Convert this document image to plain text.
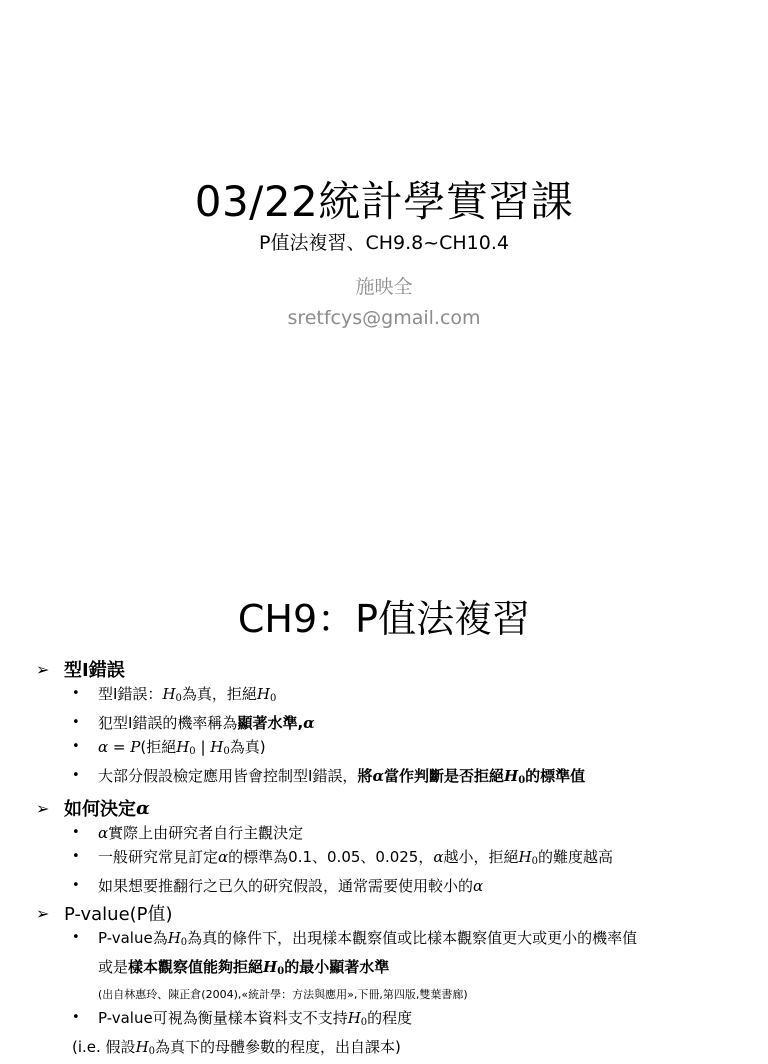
03/22統計學實習課
P值法複習、CH9.8~CH10.4
施映全
sretfcys@gmail.com
CH9：P值法複習
➢ 型I錯誤
• 型I錯誤：$H_0$為真，拒絕$H_0$
• 犯型I錯誤的機率稱為顯著水準,α
• α = P(拒絕$H_0$ | $H_0$為真)
• 大部分假設檢定應用皆會控制型I錯誤，將α當作判斷是否拒絕$H_0$的標準值
➢ 如何決定 α
• α實際上由研究者自行主觀決定
• 一般研究常見訂定α的標準為0.1、0.05、0.025，α越小，拒絕$H_0$的難度越高
• 如果想要推翻行之已久的研究假設，通常需要使用較小的α
➢ P-value(P值)
• P-value為$H_0$為真的條件下，出現樣本觀察值或比樣本觀察值更大或更小的機率值
或是樣本觀察值能夠拒絕$H_0$的最小顯著水準
(出自林惠玲、陳正倉(2004),«統計學：方法與應用»,下冊,第四版,雙葉書廊)
• P-value可視為衡量樣本資料支不支持$H_0$的程度
(i.e. 假設$H_0$為真下的母體參數的程度，出自課本)
